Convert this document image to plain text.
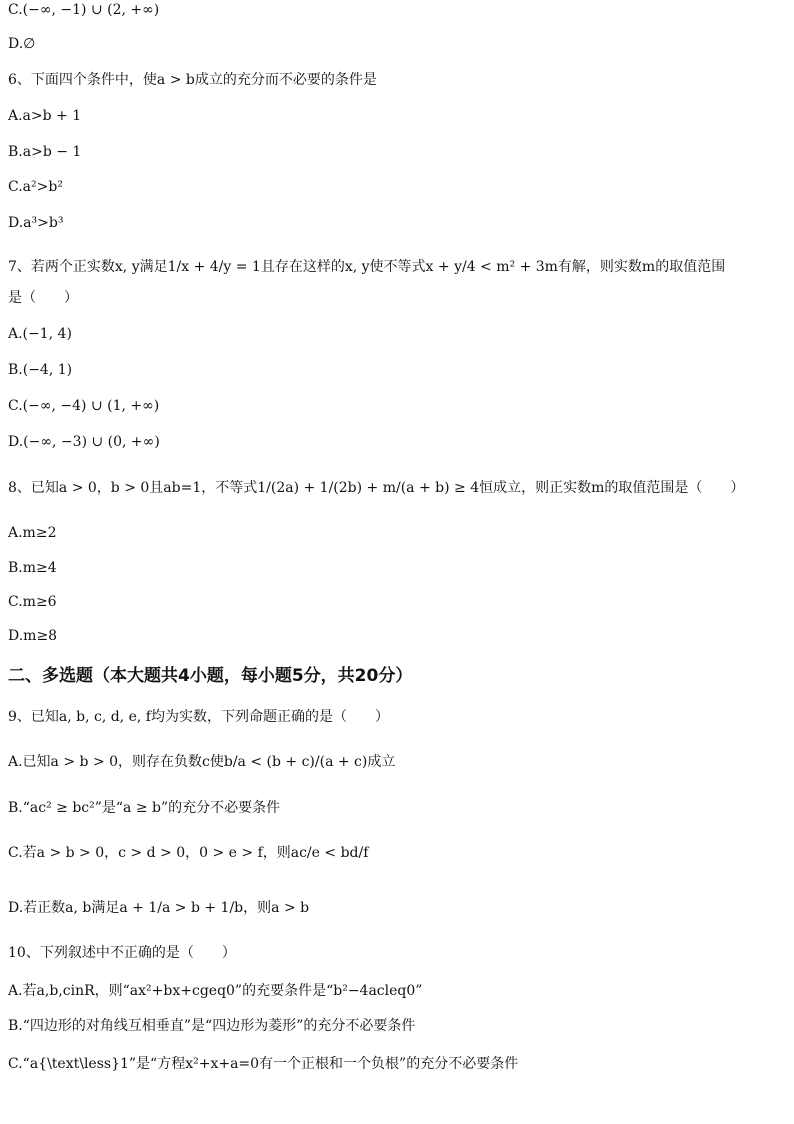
C.(−∞, −1) ∪ (2, +∞)
D.∅
6、下面四个条件中，使a > b成立的充分而不必要的条件是
A.a>b + 1
B.a>b − 1
C.a²>b²
D.a³>b³
7、若两个正实数x, y满足1/x + 4/y = 1且存在这样的x, y使不等式x + y/4 < m² + 3m有解，则实数m的取值范围
是（　　）
A.(−1, 4)
B.(−4, 1)
C.(−∞, −4) ∪ (1, +∞)
D.(−∞, −3) ∪ (0, +∞)
8、已知a > 0，b > 0且ab=1，不等式1/(2a) + 1/(2b) + m/(a + b) ≥ 4恒成立，则正实数m的取值范围是（　　）
A.m≥2
B.m≥4
C.m≥6
D.m≥8
二、多选题（本大题共4小题，每小题5分，共20分）
9、已知a, b, c, d, e, f均为实数，下列命题正确的是（　　）
A.已知a > b > 0，则存在负数c使b/a < (b + c)/(a + c)成立
B.“ac² ≥ bc²”是“a ≥ b”的充分不必要条件
C.若a > b > 0，c > d > 0，0 > e > f，则ac/e < bd/f
D.若正数a, b满足a + 1/a > b + 1/b，则a > b
10、下列叙述中不正确的是（　　）
A.若a,b,cinR，则“ax²+bx+cgeq0”的充要条件是“b²−4acleq0”
B.“四边形的对角线互相垂直”是“四边形为菱形”的充分不必要条件
C.“a{\text\less}1”是“方程x²+x+a=0有一个正根和一个负根”的充分不必要条件
